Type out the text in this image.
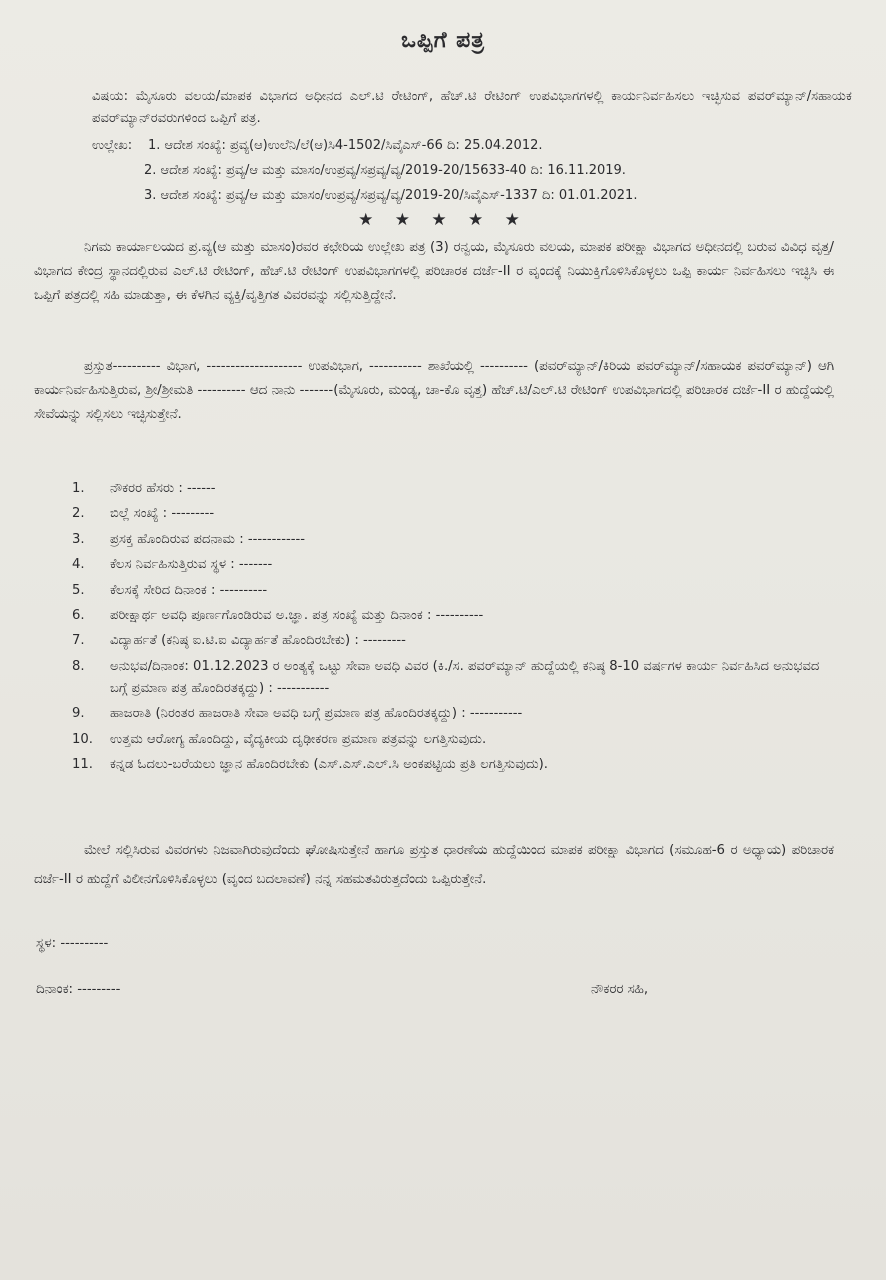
ಒಪ್ಪಿಗೆ ಪತ್ರ
ವಿಷಯ: ಮೈಸೂರು ವಲಯ/ಮಾಪಕ ವಿಭಾಗದ ಅಧೀನದ ಎಲ್.ಟಿ ರೇಟಿಂಗ್, ಹೆಚ್.ಟಿ ರೇಟಿಂಗ್ ಉಪವಿಭಾಗಗಳಲ್ಲಿ ಕಾರ್ಯನಿರ್ವಹಿಸಲು ಇಚ್ಛಿಸುವ ಪವರ್‌ಮ್ಯಾನ್/ಸಹಾಯಕ ಪವರ್‌ಮ್ಯಾನ್‌ರವರುಗಳಿಂದ ಒಪ್ಪಿಗೆ ಪತ್ರ.
ಉಲ್ಲೇಖ: 1. ಆದೇಶ ಸಂಖ್ಯೆ: ಪ್ರವ್ಯ(ಆ)ಉಲೆನಿ/ಲೆ(ಆ)ಸಿ4-1502/ಸಿವೈಎಸ್-66 ದಿ: 25.04.2012.
2. ಆದೇಶ ಸಂಖ್ಯೆ: ಪ್ರವ್ಯ/ಆ ಮತ್ತು ಮಾಸಂ/ಉಪ್ರವ್ಯ/ಸಪ್ರವ್ಯ/ವ್ಯ/2019-20/15633-40 ದಿ: 16.11.2019.
3. ಆದೇಶ ಸಂಖ್ಯೆ: ಪ್ರವ್ಯ/ಆ ಮತ್ತು ಮಾಸಂ/ಉಪ್ರವ್ಯ/ಸಪ್ರವ್ಯ/ವ್ಯ/2019-20/ಸಿವೈಎಸ್-1337 ದಿ: 01.01.2021.
★ ★ ★ ★ ★
ನಿಗಮ ಕಾರ್ಯಾಲಯದ ಪ್ರ.ವ್ಯ(ಆ ಮತ್ತು ಮಾಸಂ)ರವರ ಕಛೇರಿಯ ಉಲ್ಲೇಖ ಪತ್ರ (3) ರನ್ವಯ, ಮೈಸೂರು ವಲಯ, ಮಾಪಕ ಪರೀಕ್ಷಾ ವಿಭಾಗದ ಅಧೀನದಲ್ಲಿ ಬರುವ ವಿವಿಧ ವೃತ್ತ/ವಿಭಾಗದ ಕೇಂದ್ರ ಸ್ಥಾನದಲ್ಲಿರುವ ಎಲ್.ಟಿ ರೇಟಿಂಗ್, ಹೆಚ್.ಟಿ ರೇಟಿಂಗ್ ಉಪವಿಭಾಗಗಳಲ್ಲಿ ಪರಿಚಾರಕ ದರ್ಜೆ-II ರ ವೃಂದಕ್ಕೆ ನಿಯುಕ್ತಿಗೊಳಿಸಿಕೊಳ್ಳಲು ಒಪ್ಪಿ ಕಾರ್ಯ ನಿರ್ವಹಿಸಲು ಇಚ್ಛಿಸಿ ಈ ಒಪ್ಪಿಗೆ ಪತ್ರದಲ್ಲಿ ಸಹಿ ಮಾಡುತ್ತಾ, ಈ ಕೆಳಗಿನ ವ್ಯಕ್ತಿ/ವೃತ್ತಿಗತ ವಿವರವನ್ನು ಸಲ್ಲಿಸುತ್ತಿದ್ದೇನೆ.
ಪ್ರಸ್ತುತ---------- ವಿಭಾಗ, -------------------- ಉಪವಿಭಾಗ, ----------- ಶಾಖೆಯಲ್ಲಿ ---------- (ಪವರ್‌ಮ್ಯಾನ್/ಕಿರಿಯ ಪವರ್‌ಮ್ಯಾನ್/ಸಹಾಯಕ ಪವರ್‌ಮ್ಯಾನ್) ಆಗಿ ಕಾರ್ಯನಿರ್ವಹಿಸುತ್ತಿರುವ, ಶ್ರೀ/ಶ್ರೀಮತಿ ---------- ಆದ ನಾನು -------(ಮೈಸೂರು, ಮಂಡ್ಯ, ಚಾ-ಕೊ ವೃತ್ತ) ಹೆಚ್.ಟಿ/ಎಲ್.ಟಿ ರೇಟಿಂಗ್ ಉಪವಿಭಾಗದಲ್ಲಿ ಪರಿಚಾರಕ ದರ್ಜೆ-II ರ ಹುದ್ದೆಯಲ್ಲಿ ಸೇವೆಯನ್ನು ಸಲ್ಲಿಸಲು ಇಚ್ಛಿಸುತ್ತೇನೆ.
1.	ನೌಕರರ ಹೆಸರು : ------
2.	ಬಿಲ್ಲೆ ಸಂಖ್ಯೆ : ---------
3.	ಪ್ರಸಕ್ತ ಹೊಂದಿರುವ ಪದನಾಮ : ------------
4.	ಕೆಲಸ ನಿರ್ವಹಿಸುತ್ತಿರುವ ಸ್ಥಳ : -------
5.	ಕೆಲಸಕ್ಕೆ ಸೇರಿದ ದಿನಾಂಕ : ----------
6.	ಪರೀಕ್ಷಾರ್ಥ ಅವಧಿ ಪೂರ್ಣಗೊಂಡಿರುವ ಅ.ಜ್ಞಾ. ಪತ್ರ ಸಂಖ್ಯೆ ಮತ್ತು ದಿನಾಂಕ : ----------
7.	ವಿದ್ಯಾರ್ಹತೆ (ಕನಿಷ್ಠ ಐ.ಟಿ.ಐ ವಿದ್ಯಾರ್ಹತೆ ಹೊಂದಿರಬೇಕು) : ---------
8.	ಅನುಭವ/ದಿನಾಂಕ: 01.12.2023 ರ ಅಂತ್ಯಕ್ಕೆ ಒಟ್ಟು ಸೇವಾ ಅವಧಿ ವಿವರ (ಕಿ./ಸ. ಪವರ್‌ಮ್ಯಾನ್ ಹುದ್ದೆಯಲ್ಲಿ ಕನಿಷ್ಠ 8-10 ವರ್ಷಗಳ ಕಾರ್ಯ ನಿರ್ವಹಿಸಿದ ಅನುಭವದ ಬಗ್ಗೆ ಪ್ರಮಾಣ ಪತ್ರ ಹೊಂದಿರತಕ್ಕದ್ದು) : -----------
9.	ಹಾಜರಾತಿ (ನಿರಂತರ ಹಾಜರಾತಿ ಸೇವಾ ಅವಧಿ ಬಗ್ಗೆ ಪ್ರಮಾಣ ಪತ್ರ ಹೊಂದಿರತಕ್ಕದ್ದು) : -----------
10.	ಉತ್ತಮ ಆರೋಗ್ಯ ಹೊಂದಿದ್ದು, ವೈದ್ಯಕೀಯ ದೃಢೀಕರಣ ಪ್ರಮಾಣ ಪತ್ರವನ್ನು ಲಗತ್ತಿಸುವುದು.
11.	ಕನ್ನಡ ಓದಲು-ಬರೆಯಲು ಜ್ಞಾನ ಹೊಂದಿರಬೇಕು (ಎಸ್.ಎಸ್.ಎಲ್.ಸಿ ಅಂಕಪಟ್ಟಿಯ ಪ್ರತಿ ಲಗತ್ತಿಸುವುದು).
ಮೇಲೆ ಸಲ್ಲಿಸಿರುವ ವಿವರಗಳು ನಿಜವಾಗಿರುವುದೆಂದು ಘೋಷಿಸುತ್ತೇನೆ ಹಾಗೂ ಪ್ರಸ್ತುತ ಧಾರಣೆಯ ಹುದ್ದೆಯಿಂದ ಮಾಪಕ ಪರೀಕ್ಷಾ ವಿಭಾಗದ (ಸಮೂಹ-6 ರ ಅಧ್ಯಾಯ) ಪರಿಚಾರಕ ದರ್ಜೆ-II ರ ಹುದ್ದೆಗೆ ವಿಲೀನಗೊಳಿಸಿಕೊಳ್ಳಲು (ವೃಂದ ಬದಲಾವಣೆ) ನನ್ನ ಸಹಮತವಿರುತ್ತದೆಂದು ಒಪ್ಪಿರುತ್ತೇನೆ.
ಸ್ಥಳ: ----------
ದಿನಾಂಕ: ---------	ನೌಕರರ ಸಹಿ,
